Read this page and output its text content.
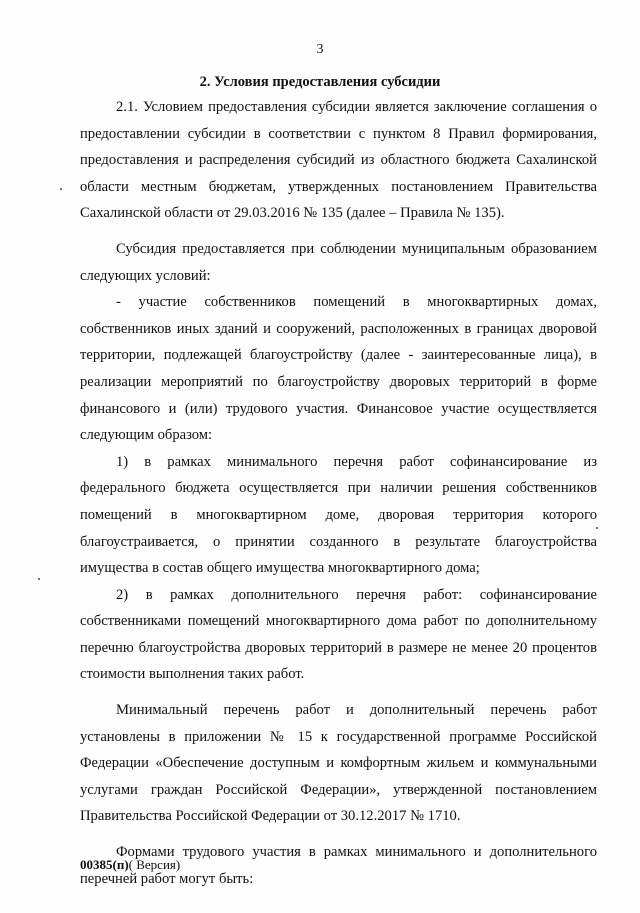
3
2. Условия предоставления субсидии

2.1. Условием предоставления субсидии является заключение соглашения о предоставлении субсидии в соответствии с пунктом 8 Правил формирования, предоставления и распределения субсидий из областного бюджета Сахалинской области местным бюджетам, утвержденных постановлением Правительства Сахалинской области от 29.03.2016 № 135 (далее – Правила № 135).

Субсидия предоставляется при соблюдении муниципальным образованием следующих условий:

- участие собственников помещений в многоквартирных домах, собственников иных зданий и сооружений, расположенных в границах дворовой территории, подлежащей благоустройству (далее - заинтересованные лица), в реализации мероприятий по благоустройству дворовых территорий в форме финансового и (или) трудового участия. Финансовое участие осуществляется следующим образом:

1) в рамках минимального перечня работ софинансирование из федерального бюджета осуществляется при наличии решения собственников помещений в многоквартирном доме, дворовая территория которого благоустраивается, о принятии созданного в результате благоустройства имущества в состав общего имущества многоквартирного дома;

2) в рамках дополнительного перечня работ: софинансирование собственниками помещений многоквартирного дома работ по дополнительному перечню благоустройства дворовых территорий в размере не менее 20 процентов стоимости выполнения таких работ.

Минимальный перечень работ и дополнительный перечень работ установлены в приложении № 15 к государственной программе Российской Федерации «Обеспечение доступным и комфортным жильем и коммунальными услугами граждан Российской Федерации», утвержденной постановлением Правительства Российской Федерации от 30.12.2017 № 1710.

Формами трудового участия в рамках минимального и дополнительного перечней работ могут быть:

00385(п)( Версия)
